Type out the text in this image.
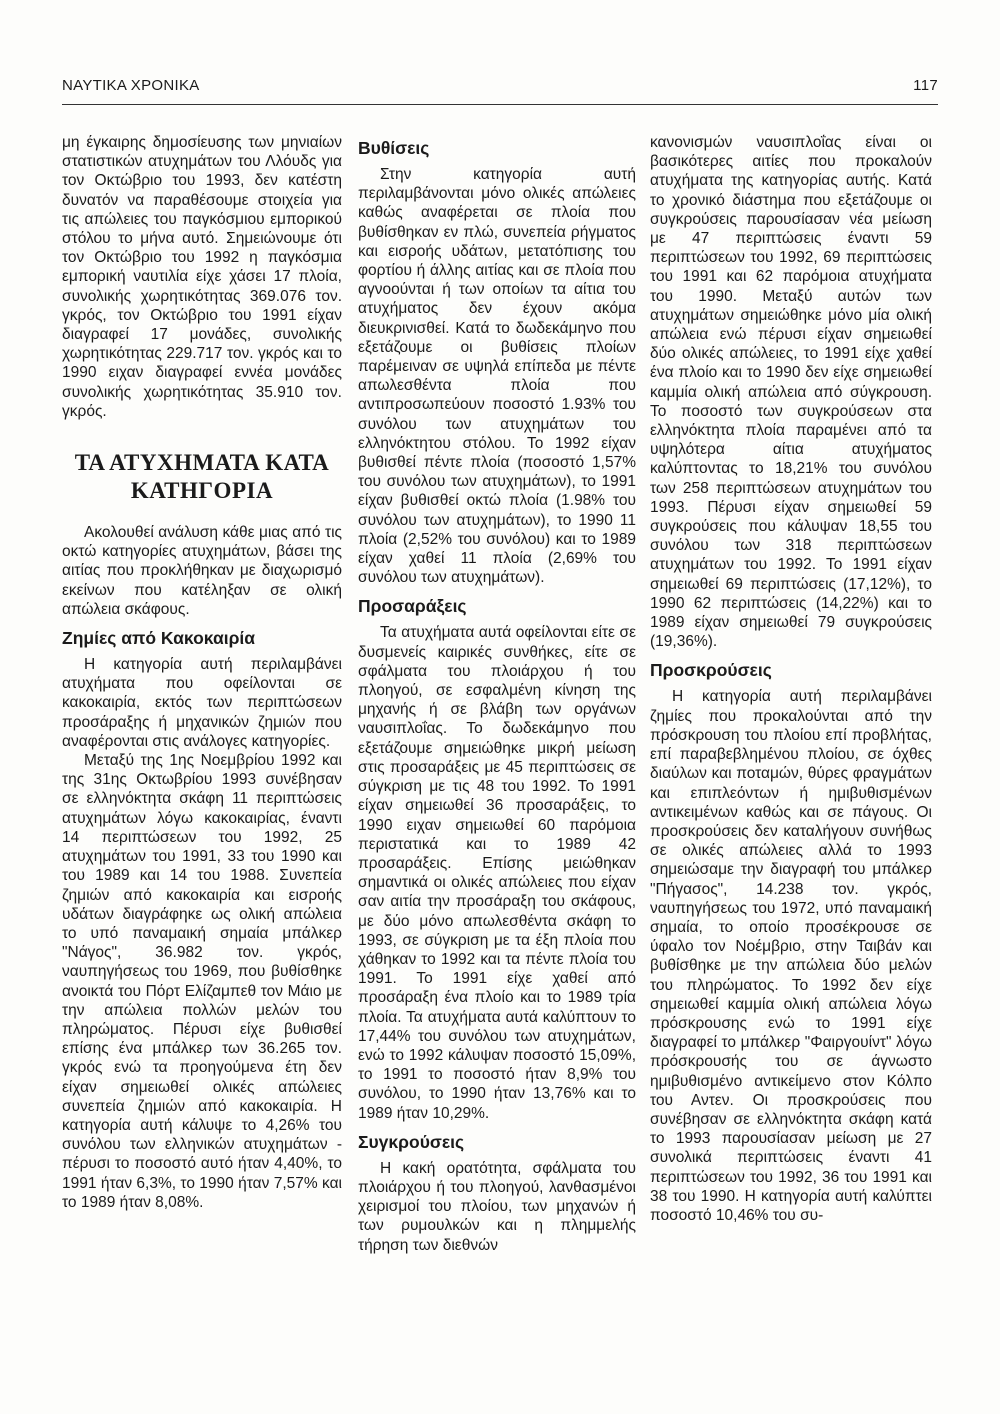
ΝΑΥΤΙΚΑ ΧΡΟΝΙΚΑ	117

μη έγκαιρης δημοσίευσης των μηνιαίων στατιστικών ατυχημάτων του Λλόυδς για τον Οκτώβριο του 1993, δεν κατέστη δυνατόν να παραθέσουμε στοιχεία για τις απώλειες του παγκόσμιου εμπορικού στόλου το μήνα αυτό. Σημειώνουμε ότι τον Οκτώβριο του 1992 η παγκόσμια εμπορική ναυτιλία είχε χάσει 17 πλοία, συνολικής χωρητικότητας 369.076 τον. γκρός, τον Οκτώβριο του 1991 είχαν διαγραφεί 17 μονάδες, συνολικής χωρητικότητας 229.717 τον. γκρός και το 1990 ειχαν διαγραφεί εννέα μονάδες συνολικής χωρητικότητας 35.910 τον. γκρός.

ΤΑ ΑΤΥΧΗΜΑΤΑ ΚΑΤΑ
ΚΑΤΗΓΟΡΙΑ

Ακολουθεί ανάλυση κάθε μιας από τις οκτώ κατηγορίες ατυχημάτων, βάσει της αιτίας που προκλήθηκαν με διαχωρισμό εκείνων που κατέληξαν σε ολική απώλεια σκάφους.

Ζημίες από Κακοκαιρία

Η κατηγορία αυτή περιλαμβάνει ατυχήματα που οφείλονται σε κακοκαιρία, εκτός των περιπτώσεων προσάραξης ή μηχανικών ζημιών που αναφέρονται στις ανάλογες κατηγορίες.

Μεταξύ της 1ης Νοεμβρίου 1992 και της 31ης Οκτωβρίου 1993 συνέβησαν σε ελληνόκτητα σκάφη 11 περιπτώσεις ατυχημάτων λόγω κακοκαιρίας, έναντι 14 περιπτώσεων του 1992, 25 ατυχημάτων του 1991, 33 του 1990 και του 1989 και 14 του 1988. Συνεπεία ζημιών από κακοκαιρία και εισροής υδάτων διαγράφηκε ως ολική απώλεια το υπό παναμαική σημαία μπάλκερ "Νάγος", 36.982 τον. γκρός, ναυπηγήσεως του 1969, που βυθίσθηκε ανοικτά του Πόρτ Ελίζαμπεθ τον Μάιο με την απώλεια πολλών μελών του πληρώματος. Πέρυσι είχε βυθισθεί επίσης ένα μπάλκερ των 36.265 τον. γκρός ενώ τα προηγούμενα έτη δεν είχαν σημειωθεί ολικές απώλειες συνεπεία ζημιών από κακοκαιρία. Η κατηγορία αυτή κάλυψε το 4,26% του συνόλου των ελληνικών ατυχημάτων - πέρυσι το ποσοστό αυτό ήταν 4,40%, το 1991 ήταν 6,3%, το 1990 ήταν 7,57% και το 1989 ήταν 8,08%.

Βυθίσεις

Στην κατηγορία αυτή περιλαμβάνονται μόνο ολικές απώλειες καθώς αναφέρεται σε πλοία που βυθίσθηκαν εν πλώ, συνεπεία ρήγματος και εισροής υδάτων, μετατόπισης του φορτίου ή άλλης αιτίας και σε πλοία που αγνοούνται ή των οποίων τα αίτια του ατυχήματος δεν έχουν ακόμα διευκρινισθεί. Κατά το δωδεκάμηνο που εξετάζουμε οι βυθίσεις πλοίων παρέμειναν σε υψηλά επίπεδα με πέντε απωλεσθέντα πλοία που αντιπροσωπεύουν ποσοστό 1.93% του συνόλου των ατυχημάτων του ελληνόκτητου στόλου. Το 1992 είχαν βυθισθεί πέντε πλοία (ποσοστό 1,57% του συνόλου των ατυχημάτων), το 1991 είχαν βυθισθεί οκτώ πλοία (1.98% του συνόλου των ατυχημάτων), το 1990 11 πλοία (2,52% του συνόλου) και το 1989 είχαν χαθεί 11 πλοία (2,69% του συνόλου των ατυχημάτων).

Προσαράξεις

Τα ατυχήματα αυτά οφείλονται είτε σε δυσμενείς καιρικές συνθήκες, είτε σε σφάλματα του πλοιάρχου ή του πλοηγού, σε εσφαλμένη κίνηση της μηχανής ή σε βλάβη των οργάνων ναυσιπλοΐας. Το δωδεκάμηνο που εξετάζουμε σημειώθηκε μικρή μείωση στις προσαράξεις με 45 περιπτώσεις σε σύγκριση με τις 48 του 1992. Το 1991 είχαν σημειωθεί 36 προσαράξεις, το 1990 ειχαν σημειωθεί 60 παρόμοια περιστατικά και το 1989 42 προσαράξεις. Επίσης μειώθηκαν σημαντικά οι ολικές απώλειες που είχαν σαν αιτία την προσάραξη του σκάφους, με δύο μόνο απωλεσθέντα σκάφη το 1993, σε σύγκριση με τα έξη πλοία που χάθηκαν το 1992 και τα πέντε πλοία του 1991. Το 1991 είχε χαθεί από προσάραξη ένα πλοίο και το 1989 τρία πλοία. Τα ατυχήματα αυτά καλύπτουν το 17,44% του συνόλου των ατυχημάτων, ενώ το 1992 κάλυψαν ποσοστό 15,09%, το 1991 το ποσοστό ήταν 8,9% του συνόλου, το 1990 ήταν 13,76% και το 1989 ήταν 10,29%.

Συγκρούσεις

Η κακή ορατότητα, σφάλματα του πλοιάρχου ή του πλοηγού, λανθασμένοι χειρισμοί του πλοίου, των μηχανών ή των ρυμουλκών και η πλημμελής τήρηση των διεθνών

κανονισμών ναυσιπλοΐας είναι οι βασικότερες αιτίες που προκαλούν ατυχήματα της κατηγορίας αυτής. Κατά το χρονικό διάστημα που εξετάζουμε οι συγκρούσεις παρουσίασαν νέα μείωση με 47 περιπτώσεις έναντι 59 περιπτώσεων του 1992, 69 περιπτώσεις του 1991 και 62 παρόμοια ατυχήματα του 1990. Μεταξύ αυτών των ατυχημάτων σημειώθηκε μόνο μία ολική απώλεια ενώ πέρυσι είχαν σημειωθεί δύο ολικές απώλειες, το 1991 είχε χαθεί ένα πλοίο και το 1990 δεν είχε σημειωθεί καμμία ολική απώλεια από σύγκρουση. Το ποσοστό των συγκρούσεων στα ελληνόκτητα πλοία παραμένει από τα υψηλότερα αίτια ατυχήματος καλύπτοντας το 18,21% του συνόλου των 258 περιπτώσεων ατυχημάτων του 1993. Πέρυσι είχαν σημειωθεί 59 συγκρούσεις που κάλυψαν 18,55 του συνόλου των 318 περιπτώσεων ατυχημάτων του 1992. Το 1991 είχαν σημειωθεί 69 περιπτώσεις (17,12%), το 1990 62 περιπτώσεις (14,22%) και το 1989 είχαν σημειωθεί 79 συγκρούσεις (19,36%).

Προσκρούσεις

Η κατηγορία αυτή περιλαμβάνει ζημίες που προκαλούνται από την πρόσκρουση του πλοίου επί προβλήτας, επί παραβεβλημένου πλοίου, σε όχθες διαύλων και ποταμών, θύρες φραγμάτων και επιπλεόντων ή ημιβυθισμένων αντικειμένων καθώς και σε πάγους. Οι προσκρούσεις δεν καταλήγουν συνήθως σε ολικές απώλειες αλλά το 1993 σημειώσαμε την διαγραφή του μπάλκερ "Πήγασος", 14.238 τον. γκρός, ναυπηγήσεως του 1972, υπό παναμαική σημαία, το οποίο προσέκρουσε σε ύφαλο τον Νοέμβριο, στην Ταιβάν και βυθίσθηκε με την απώλεια δύο μελών του πληρώματος. Το 1992 δεν είχε σημειωθεί καμμία ολική απώλεια λόγω πρόσκρουσης ενώ το 1991 είχε διαγραφεί το μπάλκερ "Φαιργουίντ" λόγω πρόσκρουσής του σε άγνωστο ημιβυθισμένο αντικείμενο στον Κόλπο του Αντεν. Οι προσκρούσεις που συνέβησαν σε ελληνόκτητα σκάφη κατά το 1993 παρουσίασαν μείωση με 27 συνολικά περιπτώσεις έναντι 41 περιπτώσεων του 1992, 36 του 1991 και 38 του 1990. Η κατηγορία αυτή καλύπτει ποσοστό 10,46% του συ-
